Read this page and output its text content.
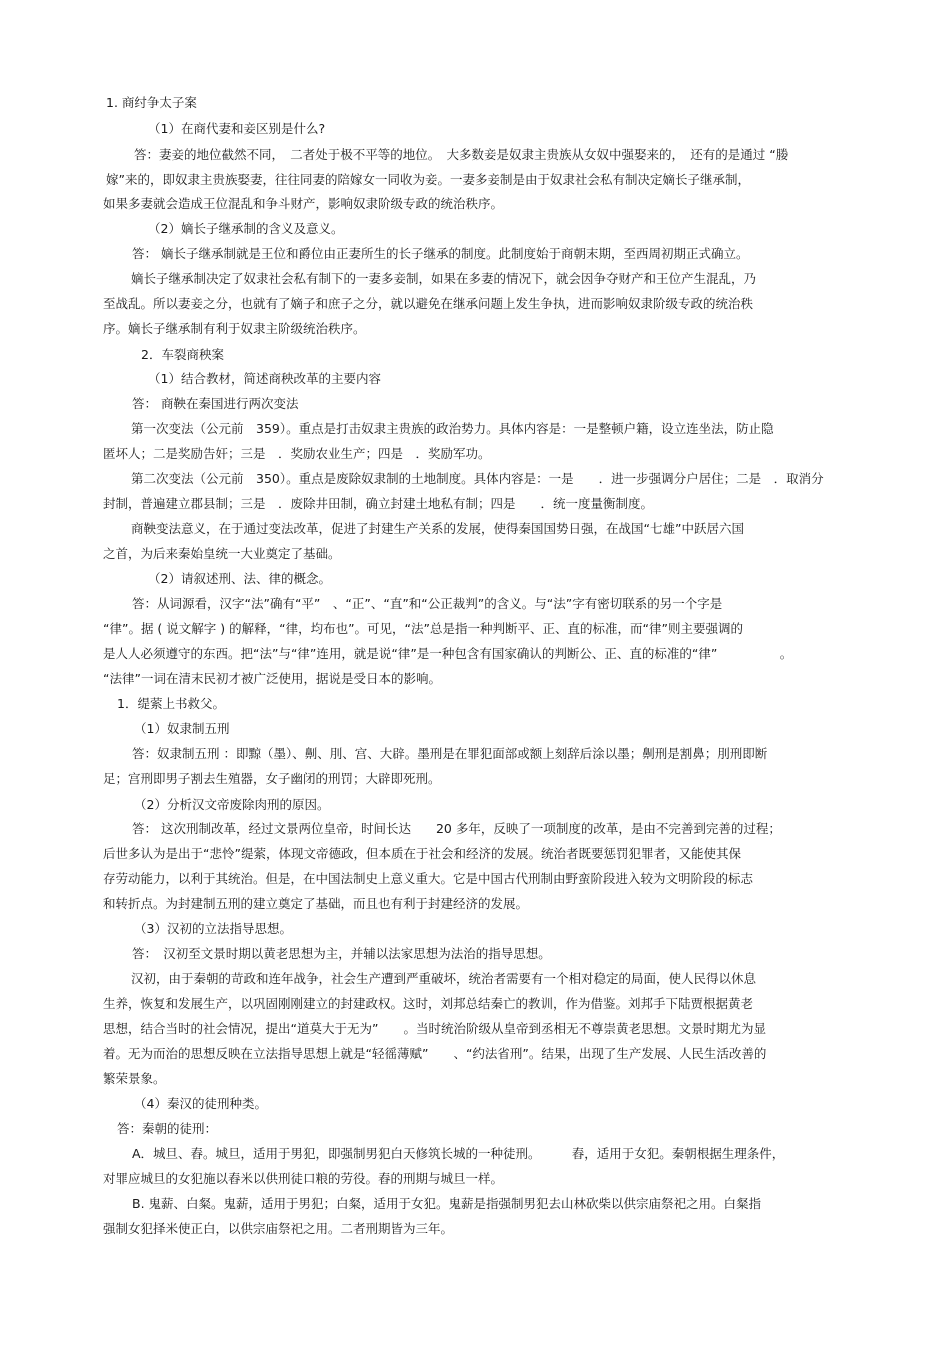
1. 商纣争太子案
（1）在商代妻和妾区别是什么?
答：妻妾的地位截然不同，　二者处于极不平等的地位。　大多数妾是奴隶主贵族从女奴中强娶来的，　还有的是通过 “媵
嫁”来的，即奴隶主贵族娶妻，往往同妻的陪嫁女一同收为妾。一妻多妾制是由于奴隶社会私有制决定嫡长子继承制，
如果多妻就会造成王位混乱和争斗财产，影响奴隶阶级专政的统治秩序。
（2）嫡长子继承制的含义及意义。
答： 嫡长子继承制就是王位和爵位由正妻所生的长子继承的制度。此制度始于商朝末期，至西周初期正式确立。
嫡长子继承制决定了奴隶社会私有制下的一妻多妾制，如果在多妻的情况下，就会因争夺财产和王位产生混乱，乃
至战乱。所以妻妾之分，也就有了嫡子和庶子之分，就以避免在继承问题上发生争执，进而影响奴隶阶级专政的统治秩
序。嫡长子继承制有利于奴隶主阶级统治秩序。
2．车裂商秧案
（1）结合教材，简述商秧改革的主要内容
答： 商鞅在秦国进行两次变法
第一次变法（公元前　359）。重点是打击奴隶主贵族的政治势力。具体内容是：一是整顿户籍，设立连坐法，防止隐
匿坏人；二是奖励告奸；三是　．奖励农业生产；四是　．奖励军功。
第二次变法（公元前　350）。重点是废除奴隶制的土地制度。具体内容是：一是　　．进一步强调分户居住；二是　．取消分
封制，普遍建立郡县制；三是　．废除井田制，确立封建土地私有制；四是　　．统一度量衡制度。
商鞅变法意义，在于通过变法改革，促进了封建生产关系的发展，使得秦国国势日强，在战国“七雄”中跃居六国
之首，为后来秦始皇统一大业奠定了基础。
（2）请叙述刑、法、律的概念。
答：从词源看，汉字“法”确有“平”　、“正”、“直”和“公正裁判”的含义。与“法”字有密切联系的另一个字是
“律”。据 ( 说文解字 ) 的解释，“律，均布也”。可见，“法”总是指一种判断平、正、直的标准，而“律”则主要强调的
是人人必须遵守的东西。把“法”与“律”连用，就是说“律”是一种包含有国家确认的判断公、正、直的标准的“律”　　　　　。
“法律”一词在清末民初才被广泛使用，据说是受日本的影响。
1．缇萦上书救父。
（1）奴隶制五刑
答：奴隶制五刑 ：即黥（墨）、劓、刖、宫、大辟。墨刑是在罪犯面部或额上刻辞后涂以墨；劓刑是割鼻；刖刑即断
足；宫刑即男子割去生殖器，女子幽闭的刑罚；大辟即死刑。
（2）分析汉文帝废除肉刑的原因。
答： 这次刑制改革，经过文景两位皇帝，时间长达　　20 多年，反映了一项制度的改革，是由不完善到完善的过程；
后世多认为是出于“悲怜”缇萦，体现文帝德政，但本质在于社会和经济的发展。统治者既要惩罚犯罪者，又能使其保
存劳动能力，以利于其统治。但是，在中国法制史上意义重大。它是中国古代刑制由野蛮阶段进入较为文明阶段的标志
和转折点。为封建制五刑的建立奠定了基础，而且也有利于封建经济的发展。
（3）汉初的立法指导思想。
答：　汉初至文景时期以黄老思想为主，并辅以法家思想为法治的指导思想。
汉初，由于秦朝的苛政和连年战争，社会生产遭到严重破坏，统治者需要有一个相对稳定的局面，使人民得以休息
生养，恢复和发展生产，以巩固刚刚建立的封建政权。这时，刘邦总结秦亡的教训，作为借鉴。刘邦手下陆贾根据黄老
思想，结合当时的社会情况，提出“道莫大于无为”　　。当时统治阶级从皇帝到丞相无不尊崇黄老思想。文景时期尤为显
着。无为而治的思想反映在立法指导思想上就是“轻徭薄赋”　　、“约法省刑”。结果，出现了生产发展、人民生活改善的
繁荣景象。
（4）秦汉的徒刑种类。
答：秦朝的徒刑：
A．城旦、舂。城旦，适用于男犯，即强制男犯白天修筑长城的一种徒刑。　　　舂，适用于女犯。秦朝根据生理条件，
对罪应城旦的女犯施以舂米以供刑徒口粮的劳役。舂的刑期与城旦一样。
B. 鬼薪、白粲。鬼薪，适用于男犯；白粲，适用于女犯。鬼薪是指强制男犯去山林砍柴以供宗庙祭祀之用。白粲指
强制女犯择米使正白，以供宗庙祭祀之用。二者刑期皆为三年。
